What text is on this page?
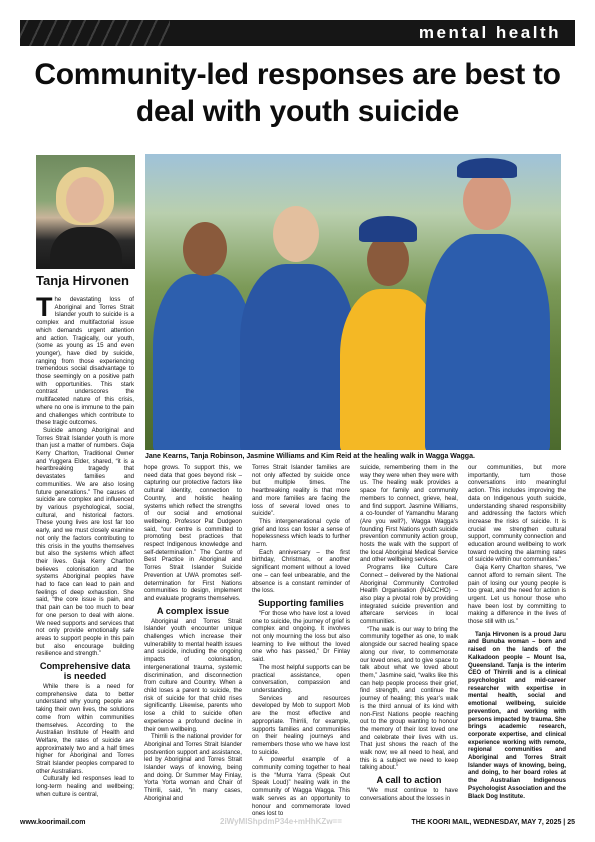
mental health
Community-led responses are best to deal with youth suicide
Tanja Hirvonen

Jane Kearns, Tanja Robinson, Jasmine Williams and Kim Reid at the healing walk in Wagga Wagga.

The devastating loss of Aboriginal and Torres Strait Islander youth to suicide is a complex and multifactorial issue which demands urgent attention and action. Tragically, our youth, (some as young as 15 and even younger), have died by suicide, ranging from those experiencing tremendous social disadvantage to those seemingly on a positive path with opportunities. This stark contrast underscores the multifaceted nature of this crisis, where no one is immune to the pain and challenges which contribute to these tragic outcomes.

Suicide among Aboriginal and Torres Strait Islander youth is more than just a matter of numbers. Gaja Kerry Charlton, Traditional Owner and Yuggera Elder, shared, “it is a heartbreaking tragedy that devastates families and communities. We are also losing future generations.” The causes of suicide are complex and influenced by various psychological, social, cultural, and historical factors. These young lives are lost far too early, and we must closely examine not only the factors contributing to this crisis in the youths themselves but also the systems which affect their lives. Gaja Kerry Charlton believes colonisation and the systems Aboriginal peoples have had to face can lead to pain and feelings of deep exhaustion. She said, “the core issue is pain, and that pain can be too much to bear for one person to deal with alone. We need supports and services that not only provide emotionally safe areas to support people in this pain but also encourage building resilience and strength.”

Comprehensive data is needed

While there is a need for comprehensive data to better understand why young people are taking their own lives, the solutions come from within communities themselves. According to the Australian Institute of Health and Welfare, the rates of suicide are approximately two and a half times higher for Aboriginal and Torres Strait Islander peoples compared to other Australians.

Culturally led responses lead to long-term healing and wellbeing; when culture is central,

hope grows. To support this, we need data that goes beyond risk – capturing our protective factors like cultural identity, connection to Country, and holistic healing systems which reflect the strengths of our social and emotional wellbeing. Professor Pat Dudgeon said, “our centre is committed to promoting best practices that respect Indigenous knowledge and self-determination.” The Centre of Best Practice in Aboriginal and Torres Strait Islander Suicide Prevention at UWA promotes self-determination for First Nations communities to design, implement and evaluate programs themselves.

A complex issue

Aboriginal and Torres Strait Islander youth encounter unique challenges which increase their vulnerability to mental health issues and suicide, including the ongoing impacts of colonisation, intergenerational trauma, systemic discrimination, and disconnection from culture and Country. When a child loses a parent to suicide, the risk of suicide for that child rises significantly. Likewise, parents who lose a child to suicide often experience a profound decline in their own wellbeing.

Thirrili is the national provider for Aboriginal and Torres Strait Islander postvention support and assistance, led by Aboriginal and Torres Strait Islander ways of knowing, being and doing. Dr Summer May Finlay, Yorta Yorta woman and Chair of Thirrili, said, “in many cases, Aboriginal and

Torres Strait Islander families are not only affected by suicide once but multiple times. The heartbreaking reality is that more and more families are facing the loss of several loved ones to suicide”.

This intergenerational cycle of grief and loss can foster a sense of hopelessness which leads to further harm.

Each anniversary – the first birthday, Christmas, or another significant moment without a loved one – can feel unbearable, and the absence is a constant reminder of the loss.

Supporting families

“For those who have lost a loved one to suicide, the journey of grief is complex and ongoing. It involves not only mourning the loss but also learning to live without the loved one who has passed,” Dr Finlay said.

The most helpful supports can be practical assistance, open conversation, compassion and understanding.

Services and resources developed by Mob to support Mob are the most effective and appropriate. Thirrili, for example, supports families and communities on their healing journeys and remembers those who we have lost to suicide.

A powerful example of a community coming together to heal is the “Murra Yarra (Speak Out Speak Loud)” healing walk in the community of Wagga Wagga. This walk serves as an opportunity to honour and commemorate loved ones lost to

suicide, remembering them in the way they were when they were with us. The healing walk provides a space for family and community members to connect, grieve, heal, and find support. Jasmine Williams, a co-founder of Yamandhu Marang (Are you well?), Wagga Wagga’s founding First Nations youth suicide prevention community action group, hosts the walk with the support of the local Aboriginal Medical Service and other wellbeing services.

Programs like Culture Care Connect – delivered by the National Aboriginal Community Controlled Health Organisation (NACCHO) – also play a pivotal role by providing integrated suicide prevention and aftercare services in local communities.

“The walk is our way to bring the community together as one, to walk alongside our sacred healing space along our river, to commemorate our loved ones, and to give space to talk about what we loved about them,” Jasmine said, “walks like this can help people process their grief, find strength, and continue the journey of healing; this year’s walk is the third annual of its kind with non-First Nations people reaching out to the group wanting to honour the memory of their lost loved one and celebrate their lives with us. That just shows the reach of the walk now; we all need to heal, and this is a subject we need to keep talking about.”

A call to action

“We must continue to have conversations about the losses in

our communities, but more importantly, turn those conversations into meaningful action. This includes improving the data on Indigenous youth suicide, understanding shared responsibility and addressing the factors which increase the risks of suicide. It is crucial we strengthen cultural support, community connection and education around wellbeing to work toward reducing the alarming rates of suicide within our communities.”

Gaja Kerry Charlton shares, “we cannot afford to remain silent. The pain of losing our young people is too great, and the need for action is urgent. Let us honour those who have been lost by committing to making a difference in the lives of those still with us.”

Tanja Hirvonen is a proud Jaru and Bunuba woman – born and raised on the lands of the Kalkadoon people – Mount Isa, Queensland. Tanja is the interim CEO of Thirrili and is a clinical psychologist and mid-career researcher with expertise in mental health, social and emotional wellbeing, suicide prevention, and working with persons impacted by trauma. She brings academic research, corporate expertise, and clinical experience working with remote, regional communities and Aboriginal and Torres Strait Islander ways of knowing, being, and doing, to her board roles at the Australian Indigenous Psychologist Association and the Black Dog Institute.

www.koorimail.com	2iWyMlShpdmP34e+mHhKZw==	THE KOORI MAIL, WEDNESDAY, MAY 7, 2025 | 25
